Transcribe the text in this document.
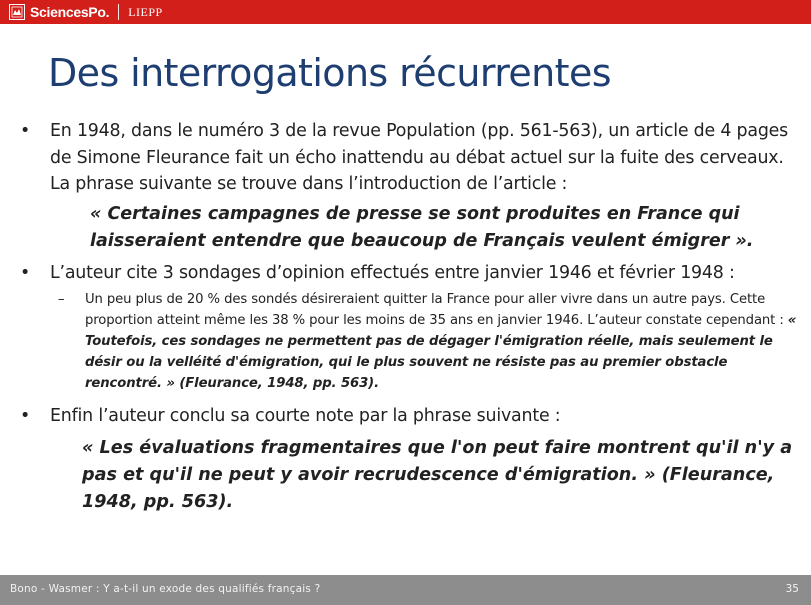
SciencesPo. LIEPP
Des interrogations récurrentes
•	En 1948, dans le numéro 3 de la revue Population (pp. 561-563), un article de 4 pages de Simone Fleurance fait un écho inattendu au débat actuel sur la fuite des cerveaux. La phrase suivante se trouve dans l’introduction de l’article :
« Certaines campagnes de presse se sont produites en France qui
laisseraient entendre que beaucoup de Français veulent émigrer ».
•	L’auteur cite 3 sondages d’opinion effectués entre janvier 1946 et février 1948 :
– Un peu plus de 20 % des sondés désireraient quitter la France pour aller vivre dans un autre pays. Cette proportion atteint même les 38 % pour les moins de 35 ans en janvier 1946. L’auteur constate cependant : « Toutefois, ces sondages ne permettent pas de dégager l'émigration réelle, mais seulement le désir ou la velléité d'émigration, qui le plus souvent ne résiste pas au premier obstacle rencontré. » (Fleurance, 1948, pp. 563).
•	Enfin l’auteur conclu sa courte note par la phrase suivante :
« Les évaluations fragmentaires que l'on peut faire montrent qu'il n'y a pas et qu'il ne peut y avoir recrudescence d'émigration. » (Fleurance, 1948, pp. 563).
Bono - Wasmer : Y a-t-il un exode des qualifiés français ?	35
